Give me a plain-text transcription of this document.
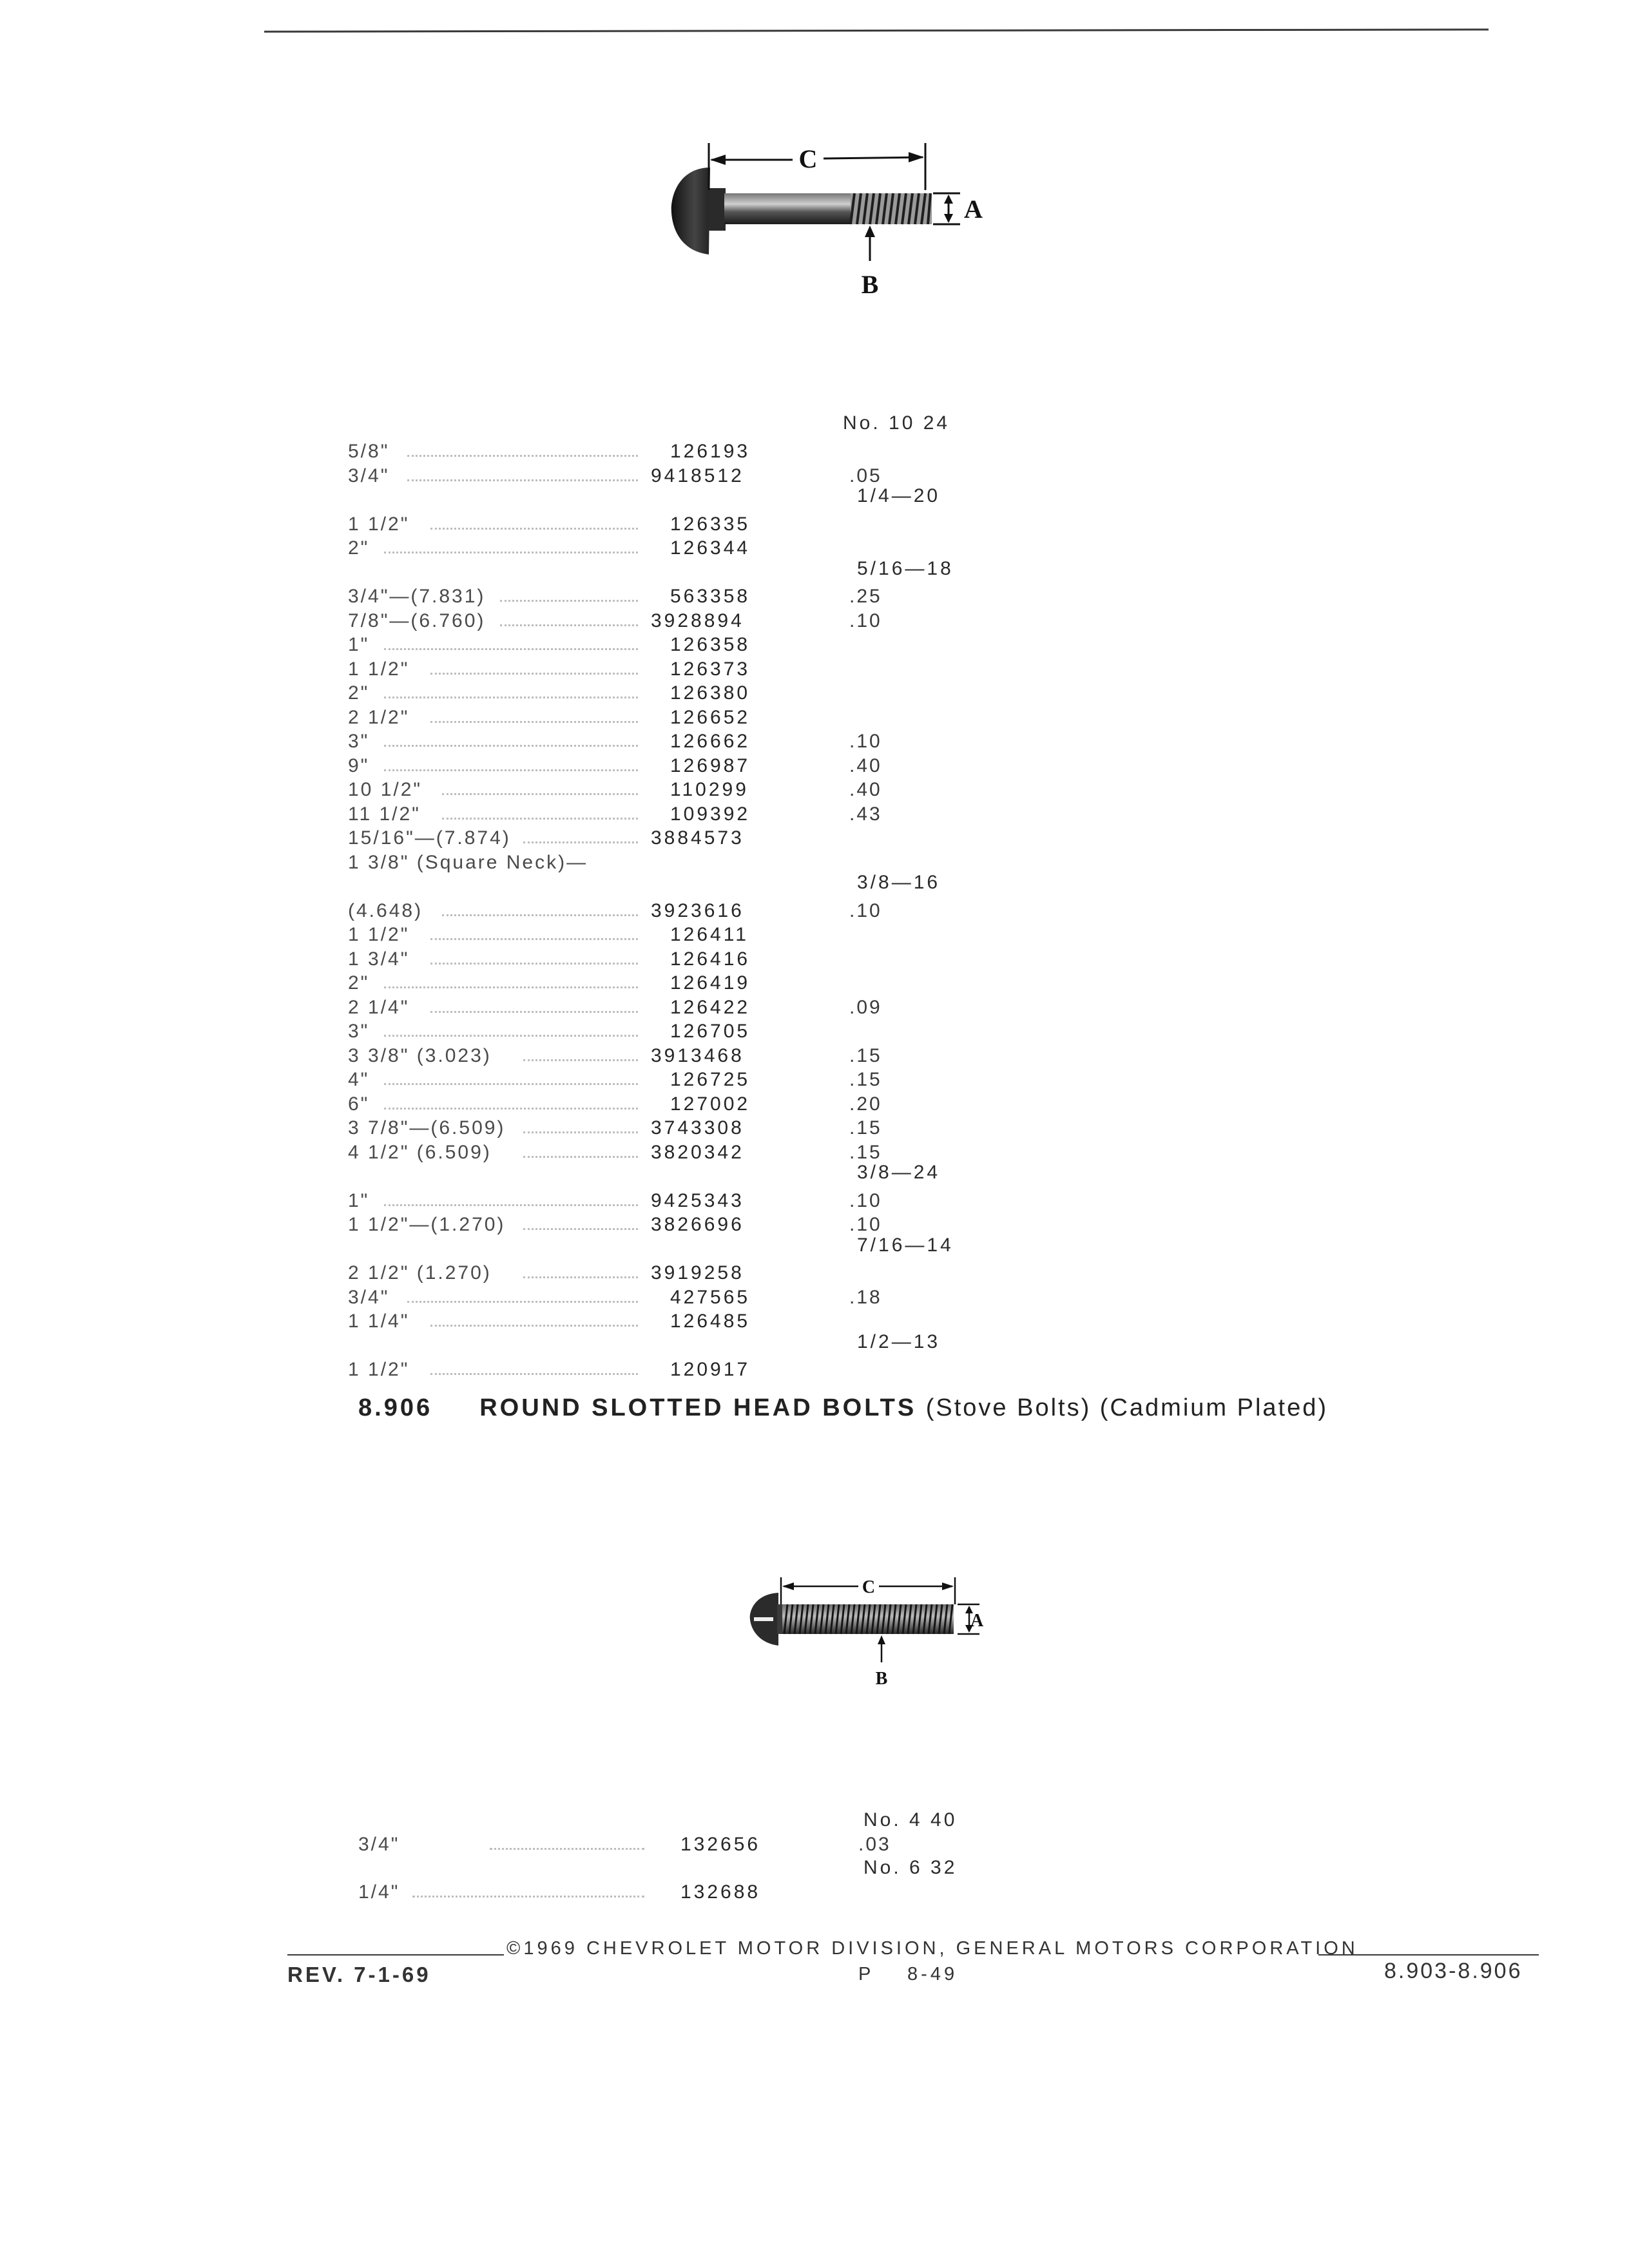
C
A
B
No. 10 24
5/8"	126193
3/4"	9418512	.05
1/4—20
1 1/2"	126335
2"	126344
5/16—18
3/4"—(7.831)	563358	.25
7/8"—(6.760)	3928894	.10
1"	126358
1 1/2"	126373
2"	126380
2 1/2"	126652
3"	126662	.10
9"	126987	.40
10 1/2"	110299	.40
11 1/2"	109392	.43
15/16"—(7.874)	3884573
1 3/8" (Square Neck)—
3/8—16
(4.648)	3923616	.10
1 1/2"	126411
1 3/4"	126416
2"	126419
2 1/4"	126422	.09
3"	126705
3 3/8" (3.023)	3913468	.15
4"	126725	.15
6"	127002	.20
3 7/8"—(6.509)	3743308	.15
4 1/2" (6.509)	3820342	.15
3/8—24
1"	9425343	.10
1 1/2"—(1.270)	3826696	.10
7/16—14
2 1/2" (1.270)	3919258
3/4"	427565	.18
1 1/4"	126485
1/2—13
1 1/2"	120917
8.906 ROUND SLOTTED HEAD BOLTS (Stove Bolts) (Cadmium Plated)
C
A
B
No. 4 40
3/4"	132656	.03
No. 6 32
1/4"	132688
©1969 CHEVROLET MOTOR DIVISION, GENERAL MOTORS CORPORATION
REV. 7-1-69	P    8-49	8.903-8.906
